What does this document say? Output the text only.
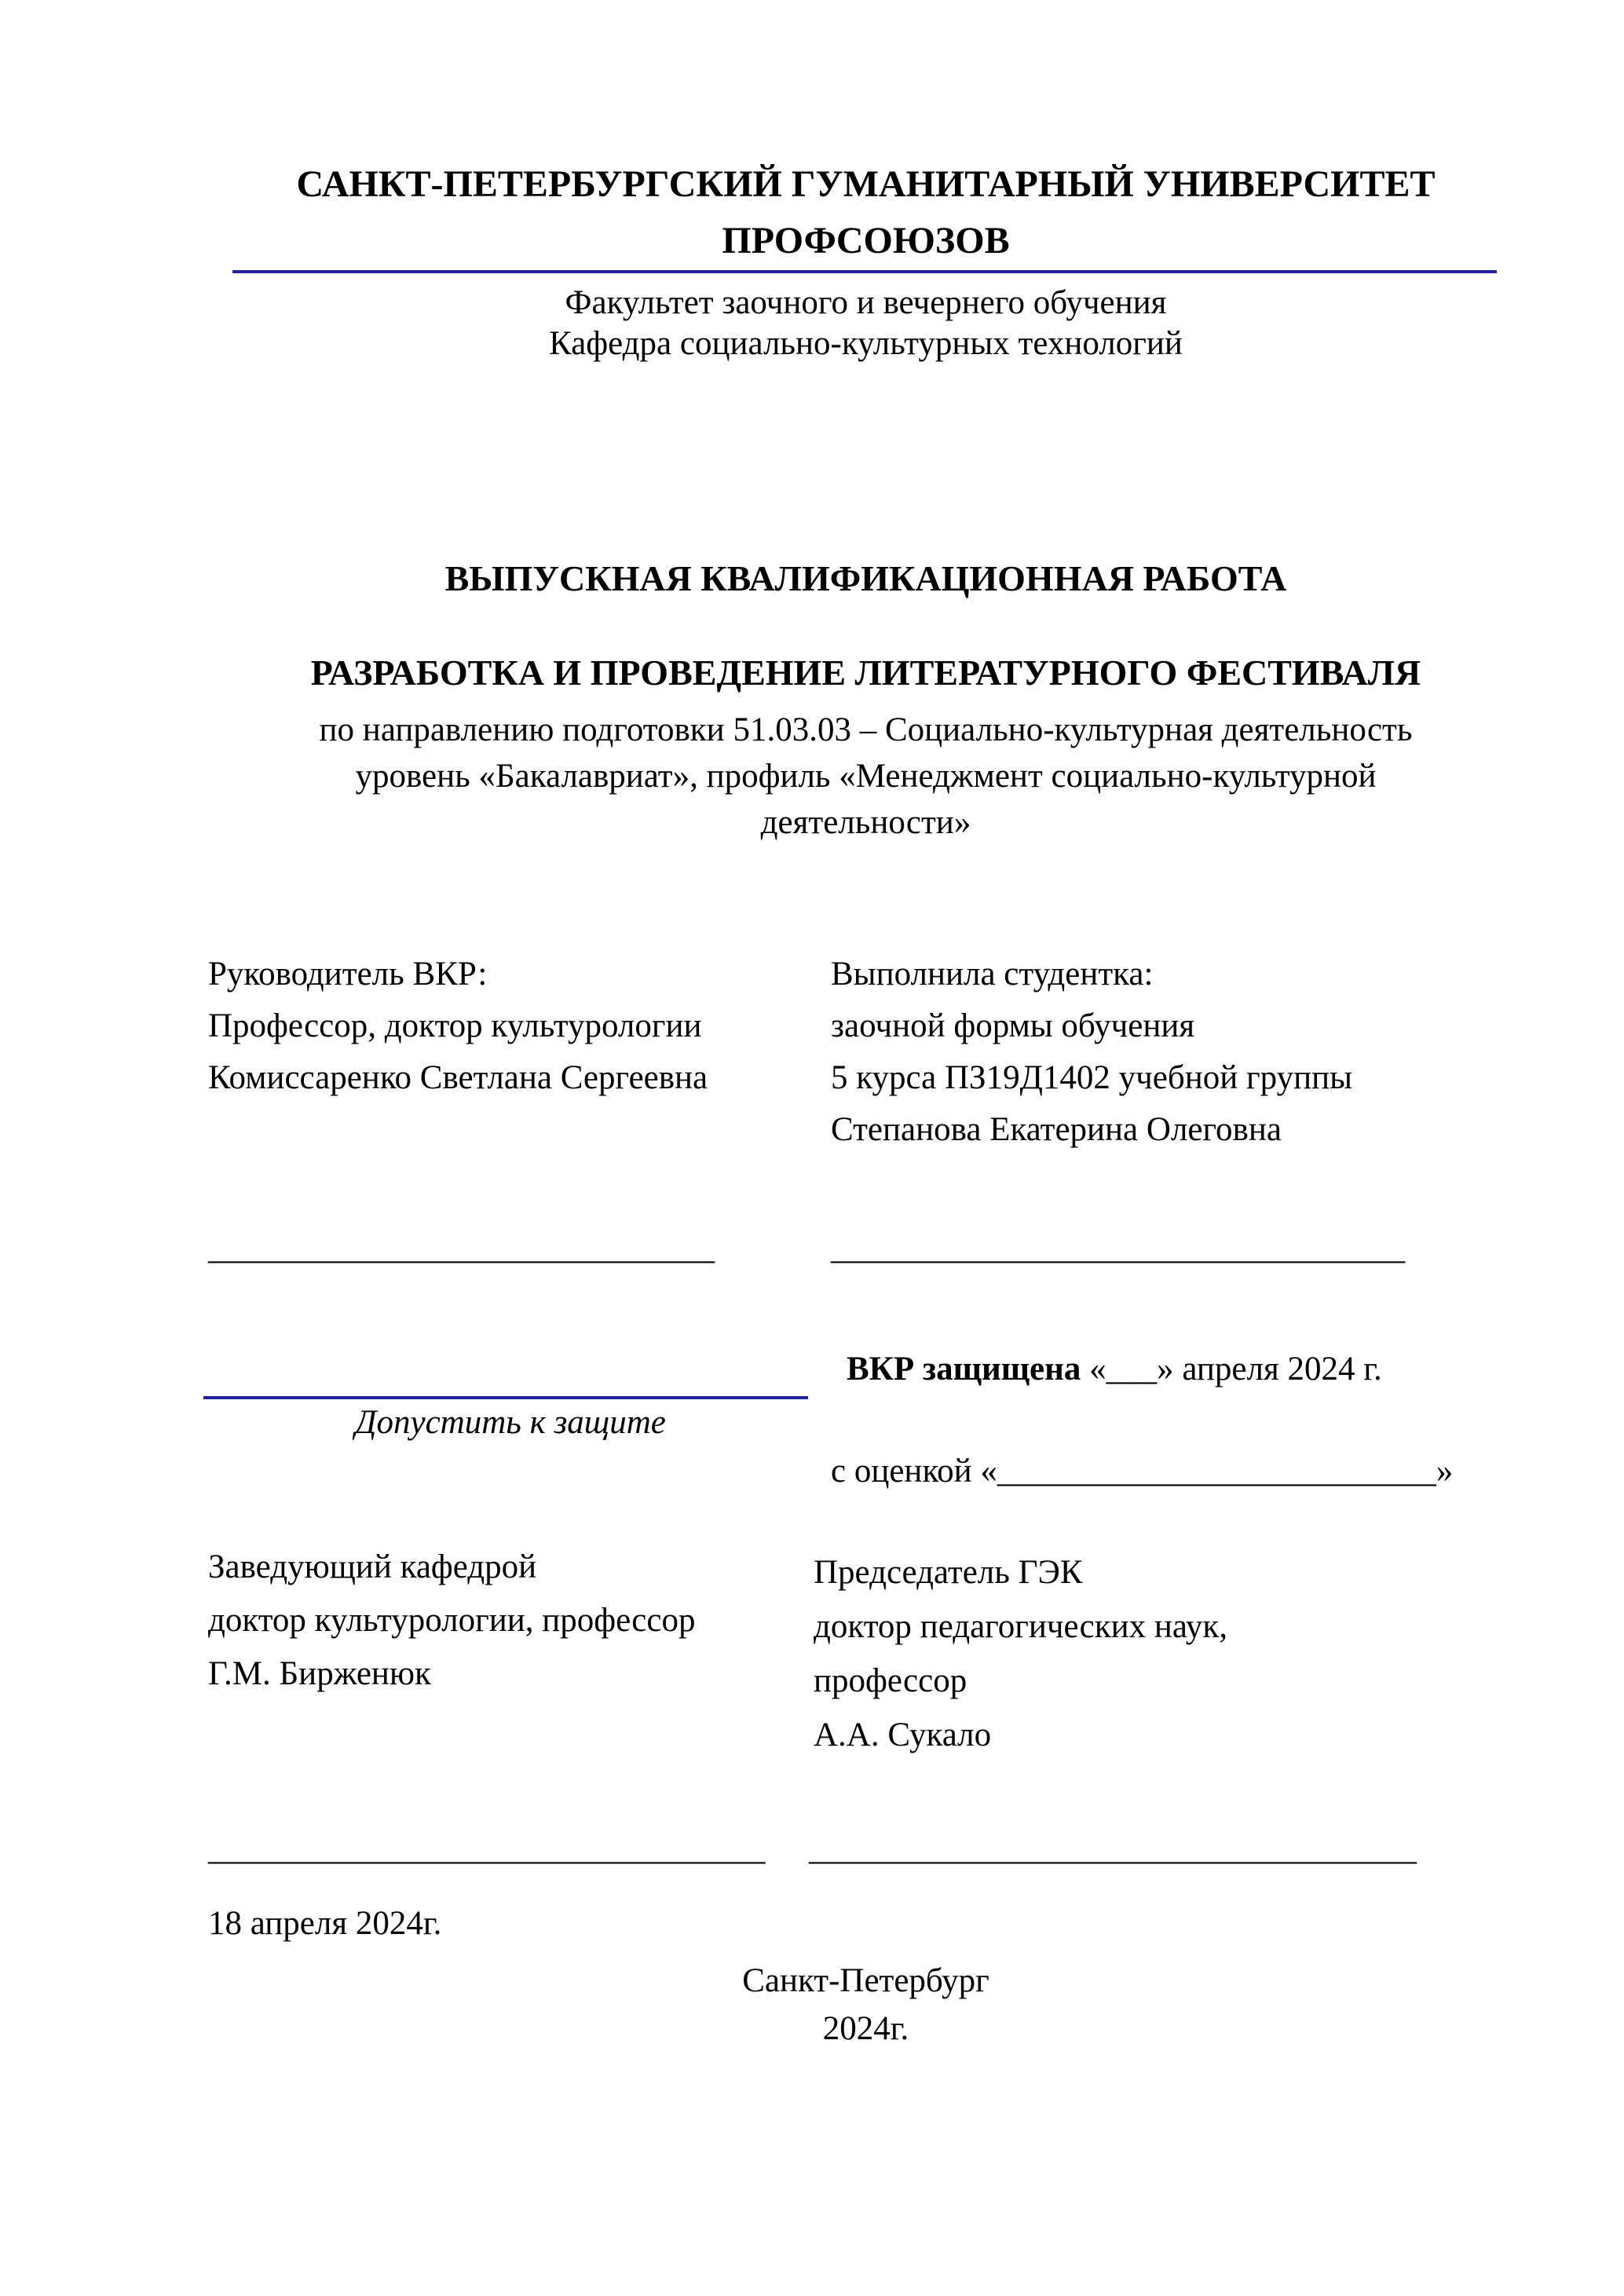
САНКТ-ПЕТЕРБУРГСКИЙ ГУМАНИТАРНЫЙ УНИВЕРСИТЕТ
ПРОФСОЮЗОВ
Факультет заочного и вечернего обучения
Кафедра социально-культурных технологий
ВЫПУСКНАЯ КВАЛИФИКАЦИОННАЯ РАБОТА
РАЗРАБОТКА И ПРОВЕДЕНИЕ ЛИТЕРАТУРНОГО ФЕСТИВАЛЯ
по направлению подготовки 51.03.03 – Социально-культурная деятельность
уровень «Бакалавриат», профиль «Менеджмент социально-культурной
деятельности»
Руководитель ВКР:
Профессор, доктор культурологии
Комиссаренко Светлана Сергеевна
Выполнила студентка:
заочной формы обучения
5 курса ПЗ19Д1402 учебной группы
Степанова Екатерина Олеговна
______________________________	__________________________________
Допустить к защите
ВКР защищена «___» апреля 2024 г.
с оценкой «__________________________»
Заведующий кафедрой
доктор культурологии, профессор
Г.М. Бирженюк
Председатель ГЭК
доктор педагогических наук,
профессор
А.А. Сукало
_________________________________ ____________________________________
18 апреля 2024г.
Санкт-Петербург
2024г.
